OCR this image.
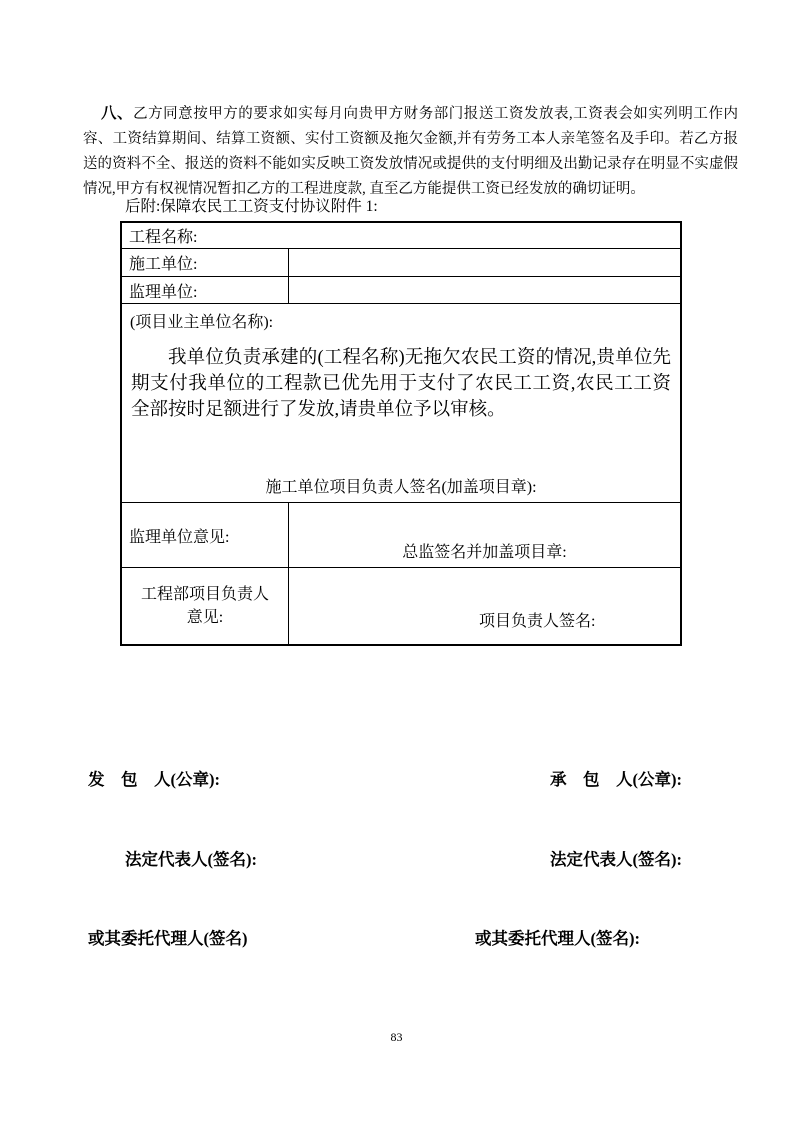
八、乙方同意按甲方的要求如实每月向贵甲方财务部门报送工资发放表,工资表会如实列明工作内容、工资结算期间、结算工资额、实付工资额及拖欠金额,并有劳务工本人亲笔签名及手印。若乙方报送的资料不全、报送的资料不能如实反映工资发放情况或提供的支付明细及出勤记录存在明显不实虚假情况,甲方有权视情况暂扣乙方的工程进度款, 直至乙方能提供工资已经发放的确切证明。

后附:保障农民工工资支付协议附件 1:
工程名称:
施工单位:
监理单位:
(项目业主单位名称):
我单位负责承建的(工程名称)无拖欠农民工资的情况,贵单位先期支付我单位的工程款已优先用于支付了农民工工资,农民工工资全部按时足额进行了发放,请贵单位予以审核。
施工单位项目负责人签名(加盖项目章):
监理单位意见:
总监签名并加盖项目章:
工程部项目负责人
意见:	项目负责人签名:

发　包　人(公章):

法定代表人(签名):

或其委托代理人(签名)

承　包　人(公章):

法定代表人(签名):

或其委托代理人(签名):

83
